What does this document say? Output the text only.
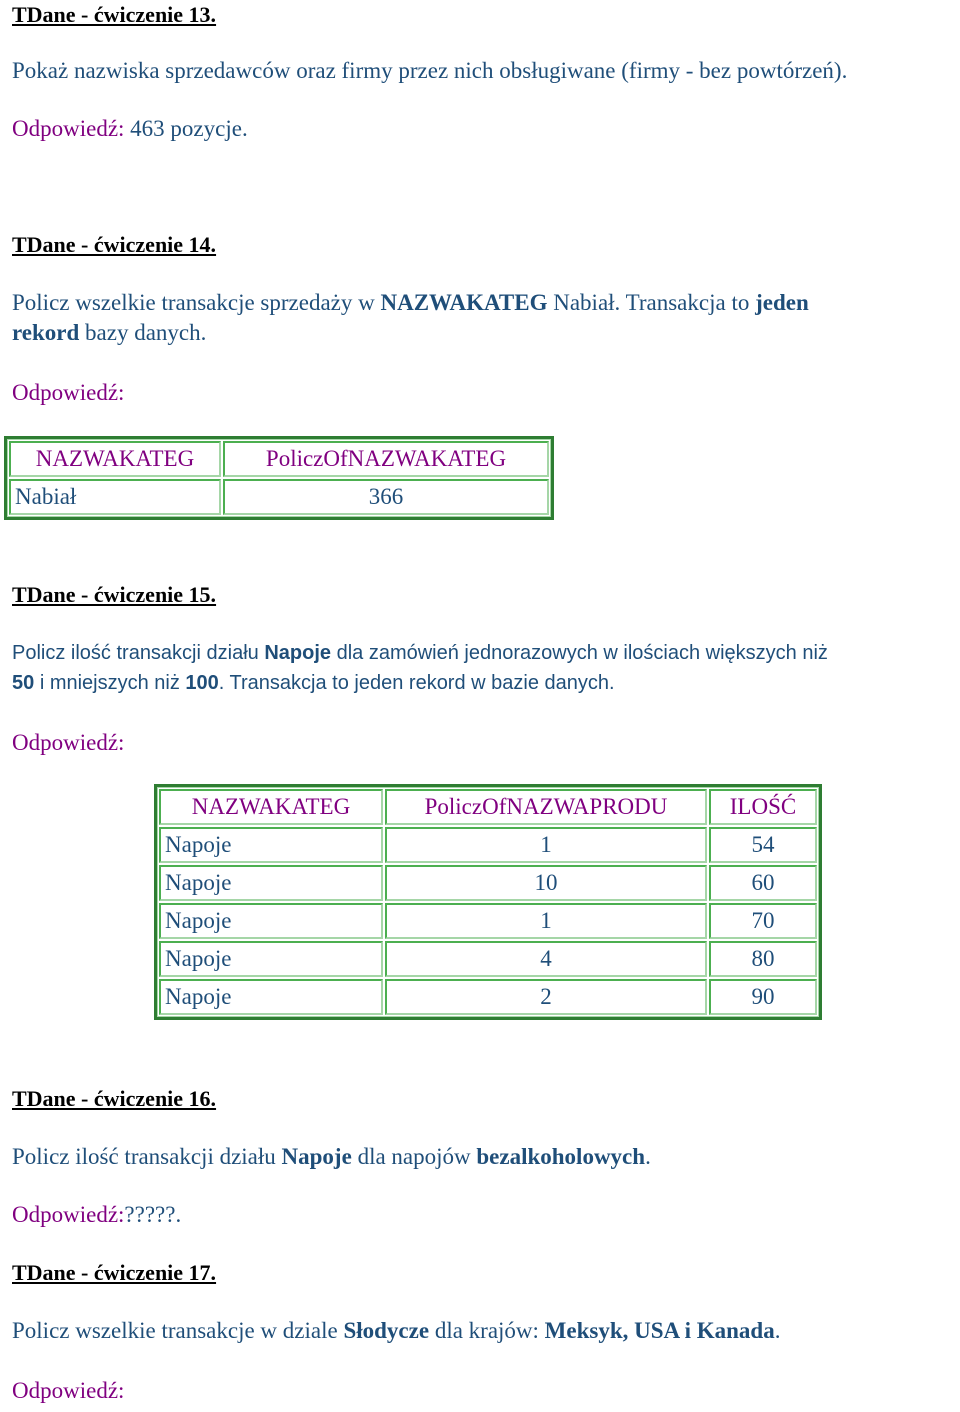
TDane - ćwiczenie 13.

Pokaż nazwiska sprzedawców oraz firmy przez nich obsługiwane (firmy - bez powtórzeń).

Odpowiedź: 463 pozycje.

TDane - ćwiczenie 14.

Policz wszelkie transakcje sprzedaży w NAZWAKATEG Nabiał. Transakcja to jeden

rekord bazy danych.

Odpowiedź:

NAZWAKATEG	PoliczOfNAZWAKATEG
Nabiał	366

TDane - ćwiczenie 15.

Policz ilość transakcji działu Napoje dla zamówień jednorazowych w ilościach większych niż

50 i mniejszych niż 100. Transakcja to jeden rekord w bazie danych.

Odpowiedź:

NAZWAKATEG	PoliczOfNAZWAPRODU	ILOŚĆ
Napoje	1	54
Napoje	10	60
Napoje	1	70
Napoje	4	80
Napoje	2	90

TDane - ćwiczenie 16.

Policz ilość transakcji działu Napoje dla napojów bezalkoholowych.

Odpowiedź:?????.

TDane - ćwiczenie 17.

Policz wszelkie transakcje w dziale Słodycze dla krajów: Meksyk, USA i Kanada.

Odpowiedź:
